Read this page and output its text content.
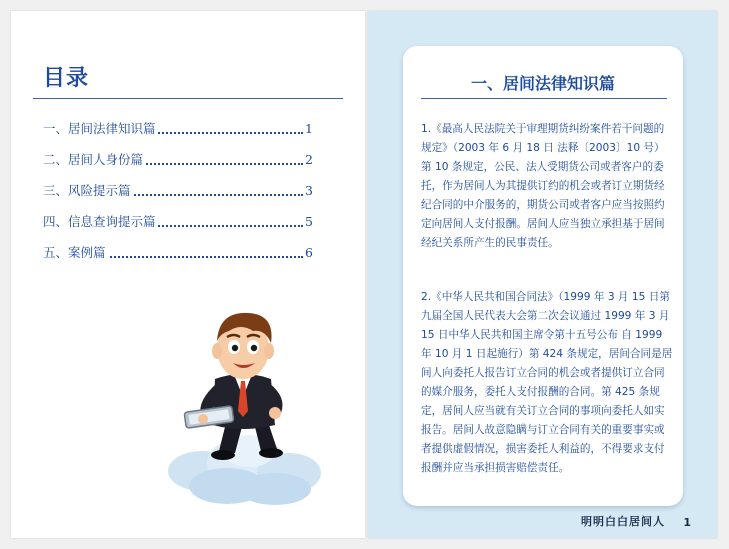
目录
一、居间法律知识篇	1
二、居间人身份篇	2
三、风险提示篇	3
四、信息查询提示篇	5
五、案例篇	6
一、居间法律知识篇

1.《最高人民法院关于审理期货纠纷案件若干问题的规定》（2003 年 6 月 18 日 法释〔2003〕10 号）第 10 条规定，公民、法人受期货公司或者客户的委托，作为居间人为其提供订约的机会或者订立期货经纪合同的中介服务的，期货公司或者客户应当按照约定向居间人支付报酬。居间人应当独立承担基于居间经纪关系所产生的民事责任。

2.《中华人民共和国合同法》（1999 年 3 月 15 日第九届全国人民代表大会第二次会议通过 1999 年 3 月 15 日中华人民共和国主席令第十五号公布 自 1999 年 10 月 1 日起施行）第 424 条规定，居间合同是居间人向委托人报告订立合同的机会或者提供订立合同的媒介服务，委托人支付报酬的合同。第 425 条规定，居间人应当就有关订立合同的事项向委托人如实报告。居间人故意隐瞒与订立合同有关的重要事实或者提供虚假情况，损害委托人利益的，不得要求支付报酬并应当承担损害赔偿责任。

明明白白居间人 1
